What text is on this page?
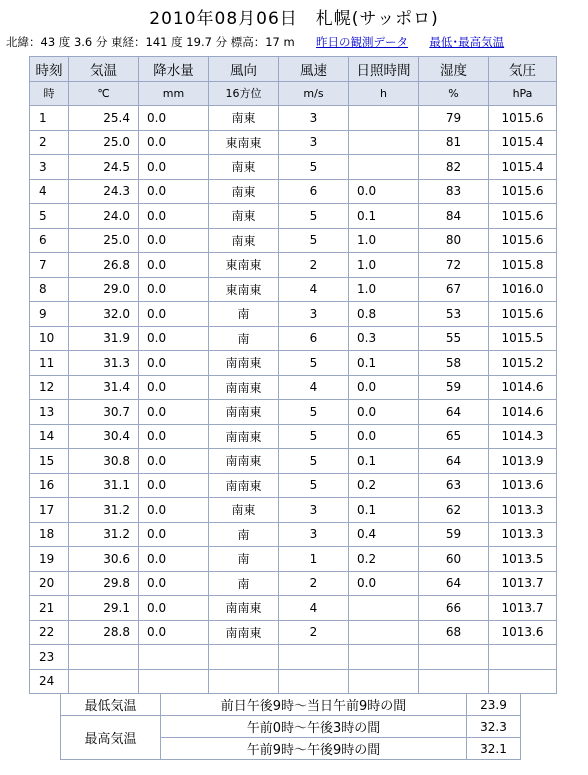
2010年08月06日　札幌(サッポロ)
北緯：43 度 3.6 分 東経：141 度 19.7 分 標高：17 m 昨日の観測データ 最低･最高気温
時刻	気温	降水量	風向	風速	日照時間	湿度	気圧
時	℃	mm	16方位	m/s	h	%	hPa
1	25.4	0.0	南東	3		79	1015.6
2	25.0	0.0	東南東	3		81	1015.4
3	24.5	0.0	南東	5		82	1015.4
4	24.3	0.0	南東	6	0.0	83	1015.6
5	24.0	0.0	南東	5	0.1	84	1015.6
6	25.0	0.0	南東	5	1.0	80	1015.6
7	26.8	0.0	東南東	2	1.0	72	1015.8
8	29.0	0.0	東南東	4	1.0	67	1016.0
9	32.0	0.0	南	3	0.8	53	1015.6
10	31.9	0.0	南	6	0.3	55	1015.5
11	31.3	0.0	南南東	5	0.1	58	1015.2
12	31.4	0.0	南南東	4	0.0	59	1014.6
13	30.7	0.0	南南東	5	0.0	64	1014.6
14	30.4	0.0	南南東	5	0.0	65	1014.3
15	30.8	0.0	南南東	5	0.1	64	1013.9
16	31.1	0.0	南南東	5	0.2	63	1013.6
17	31.2	0.0	南東	3	0.1	62	1013.3
18	31.2	0.0	南	3	0.4	59	1013.3
19	30.6	0.0	南	1	0.2	60	1013.5
20	29.8	0.0	南	2	0.0	64	1013.7
21	29.1	0.0	南南東	4		66	1013.7
22	28.8	0.0	南南東	2		68	1013.6
23							
24							
最低気温	前日午後9時～当日午前9時の間	23.9
最高気温	午前0時～午後3時の間	32.3
	午前9時～午後9時の間	32.1
